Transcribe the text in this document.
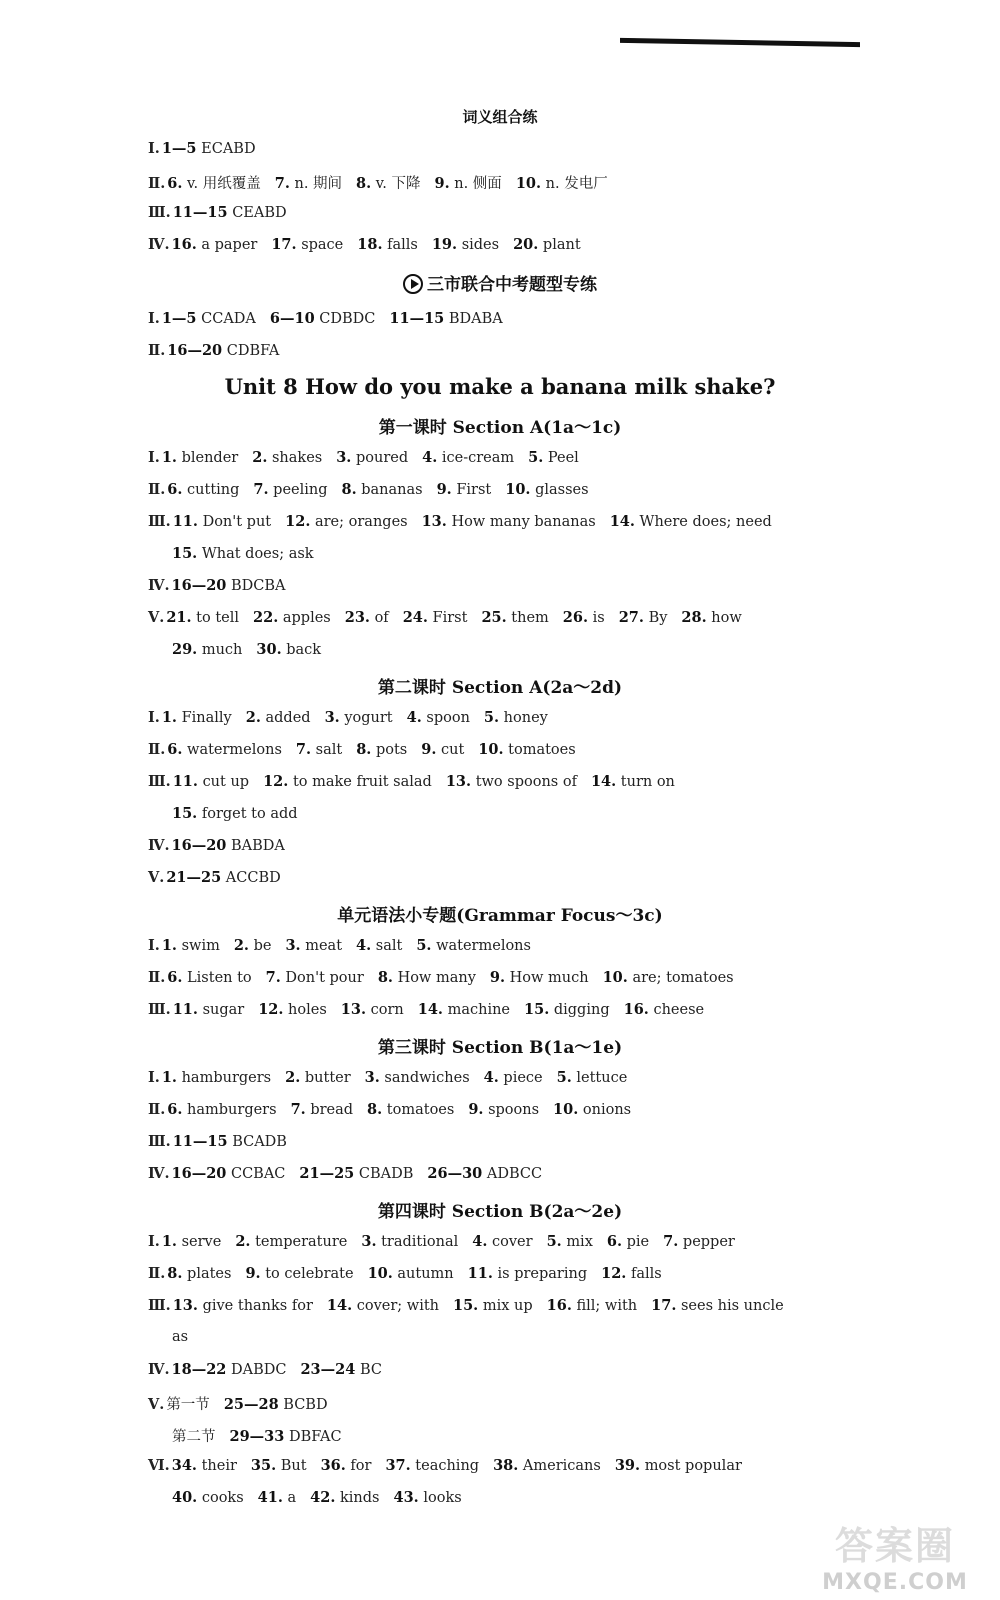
词义组合练
Ⅰ. 1—5 ECABD
Ⅱ. 6. v. 用纸覆盖 7. n. 期间 8. v. 下降 9. n. 侧面 10. n. 发电厂
Ⅲ. 11—15 CEABD
Ⅳ. 16. a paper 17. space 18. falls 19. sides 20. plant
三市联合中考题型专练
Ⅰ. 1—5 CCADA 6—10 CDBDC 11—15 BDABA
Ⅱ. 16—20 CDBFA
Unit 8 How do you make a banana milk shake?
第一课时 Section A(1a～1c)
Ⅰ. 1. blender 2. shakes 3. poured 4. ice-cream 5. Peel
Ⅱ. 6. cutting 7. peeling 8. bananas 9. First 10. glasses
Ⅲ. 11. Don't put 12. are; oranges 13. How many bananas 14. Where does; need
15. What does; ask
Ⅳ. 16—20 BDCBA
Ⅴ. 21. to tell 22. apples 23. of 24. First 25. them 26. is 27. By 28. how
29. much 30. back
第二课时 Section A(2a～2d)
Ⅰ. 1. Finally 2. added 3. yogurt 4. spoon 5. honey
Ⅱ. 6. watermelons 7. salt 8. pots 9. cut 10. tomatoes
Ⅲ. 11. cut up 12. to make fruit salad 13. two spoons of 14. turn on
15. forget to add
Ⅳ. 16—20 BABDA
Ⅴ. 21—25 ACCBD
单元语法小专题(Grammar Focus～3c)
Ⅰ. 1. swim 2. be 3. meat 4. salt 5. watermelons
Ⅱ. 6. Listen to 7. Don't pour 8. How many 9. How much 10. are; tomatoes
Ⅲ. 11. sugar 12. holes 13. corn 14. machine 15. digging 16. cheese
第三课时 Section B(1a～1e)
Ⅰ. 1. hamburgers 2. butter 3. sandwiches 4. piece 5. lettuce
Ⅱ. 6. hamburgers 7. bread 8. tomatoes 9. spoons 10. onions
Ⅲ. 11—15 BCADB
Ⅳ. 16—20 CCBAC 21—25 CBADB 26—30 ADBCC
第四课时 Section B(2a～2e)
Ⅰ. 1. serve 2. temperature 3. traditional 4. cover 5. mix 6. pie 7. pepper
Ⅱ. 8. plates 9. to celebrate 10. autumn 11. is preparing 12. falls
Ⅲ. 13. give thanks for 14. cover; with 15. mix up 16. fill; with 17. sees his uncle
as
Ⅳ. 18—22 DABDC 23—24 BC
Ⅴ. 第一节 25—28 BCBD
第二节 29—33 DBFAC
Ⅵ. 34. their 35. But 36. for 37. teaching 38. Americans 39. most popular
40. cooks 41. a 42. kinds 43. looks
答案圈
MXQE.COM
